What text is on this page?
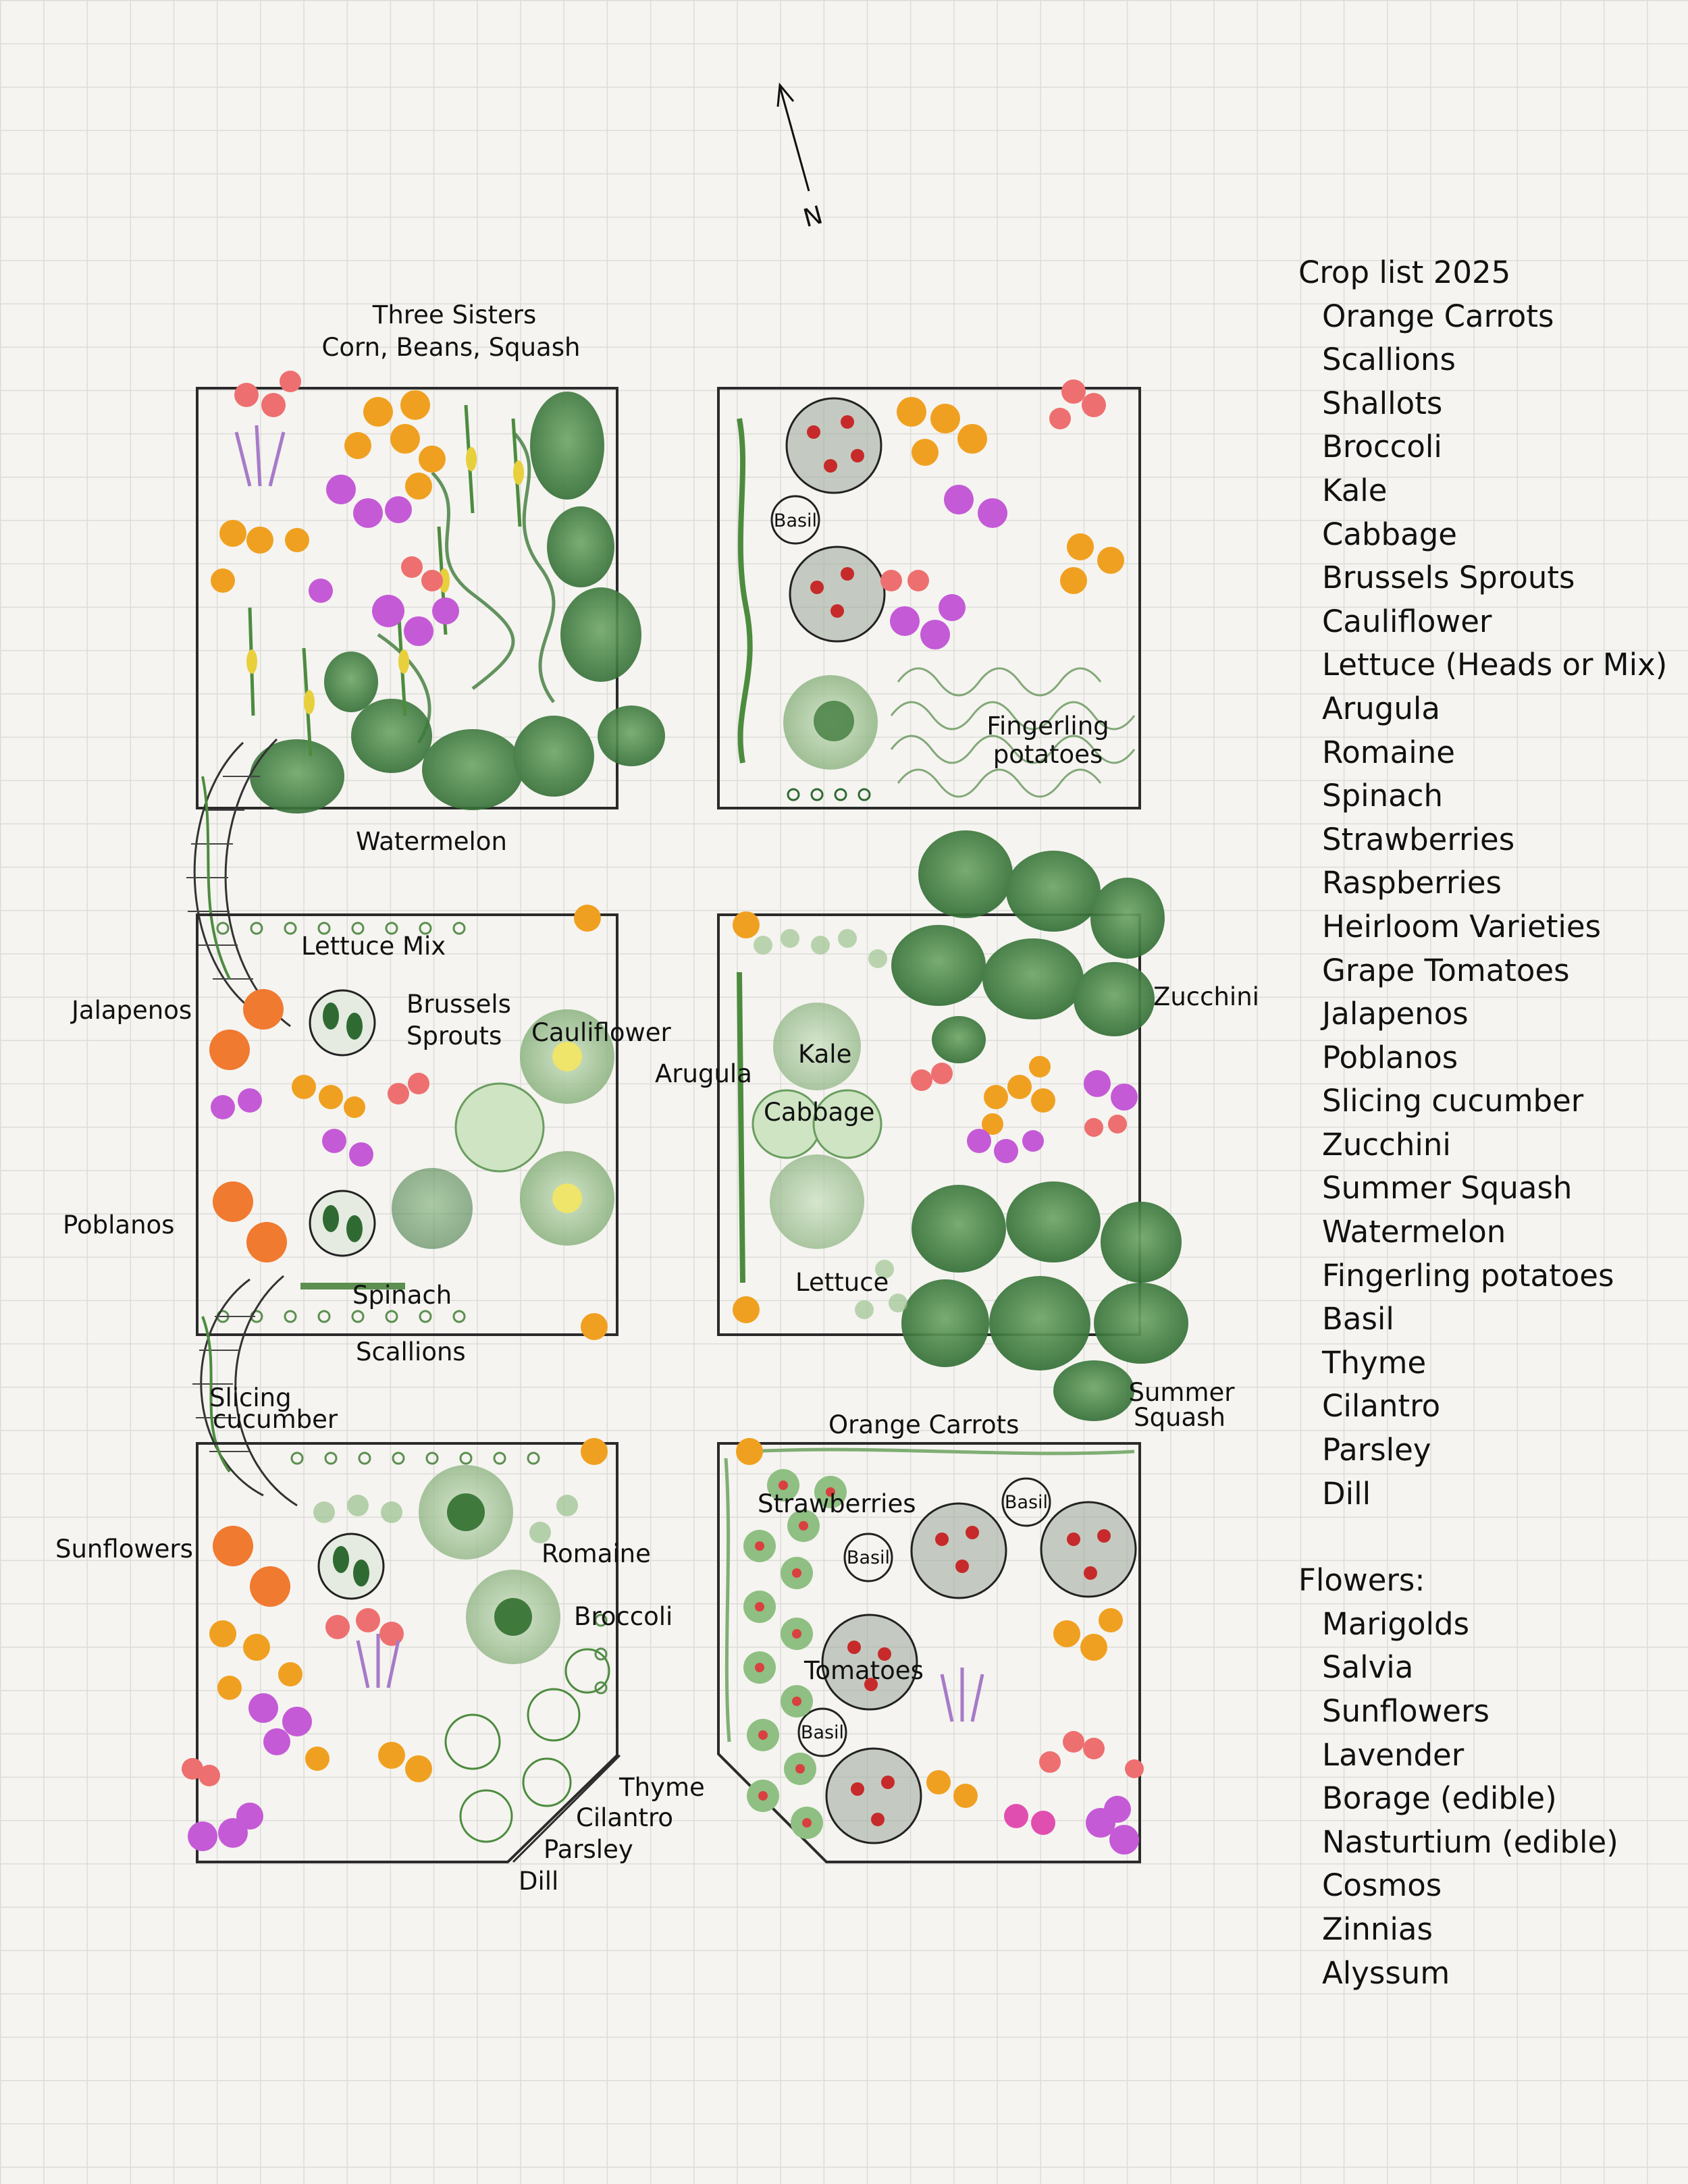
N
Three Sisters
Corn, Beans, Squash
Watermelon
Basil
Fingerling
potatoes
Lettuce Mix
Brussels
Sprouts Cauliflower
Jalapenos
Poblanos
Spinach
Scallions
Slicing
cucumber
Arugula
Kale
Cabbage
Lettuce
Zucchini
Summer
Squash
Sunflowers	Romaine
Broccoli
Thyme
Cilantro
Parsley
Dill
Orange Carrots
Strawberries
Tomatoes
Basil
Basil
Basil
Crop list 2025
Orange Carrots
Scallions
Shallots
Broccoli
Kale
Cabbage
Brussels Sprouts
Cauliflower
Lettuce (Heads or Mix)
Arugula
Romaine
Spinach
Strawberries
Raspberries
Heirloom Varieties
Grape Tomatoes
Jalapenos
Poblanos
Slicing cucumber
Zucchini
Summer Squash
Watermelon
Fingerling potatoes
Basil
Thyme
Cilantro
Parsley
Dill
Flowers:
Marigolds
Salvia
Sunflowers
Lavender
Borage (edible)
Nasturtium (edible)
Cosmos
Zinnias
Alyssum
